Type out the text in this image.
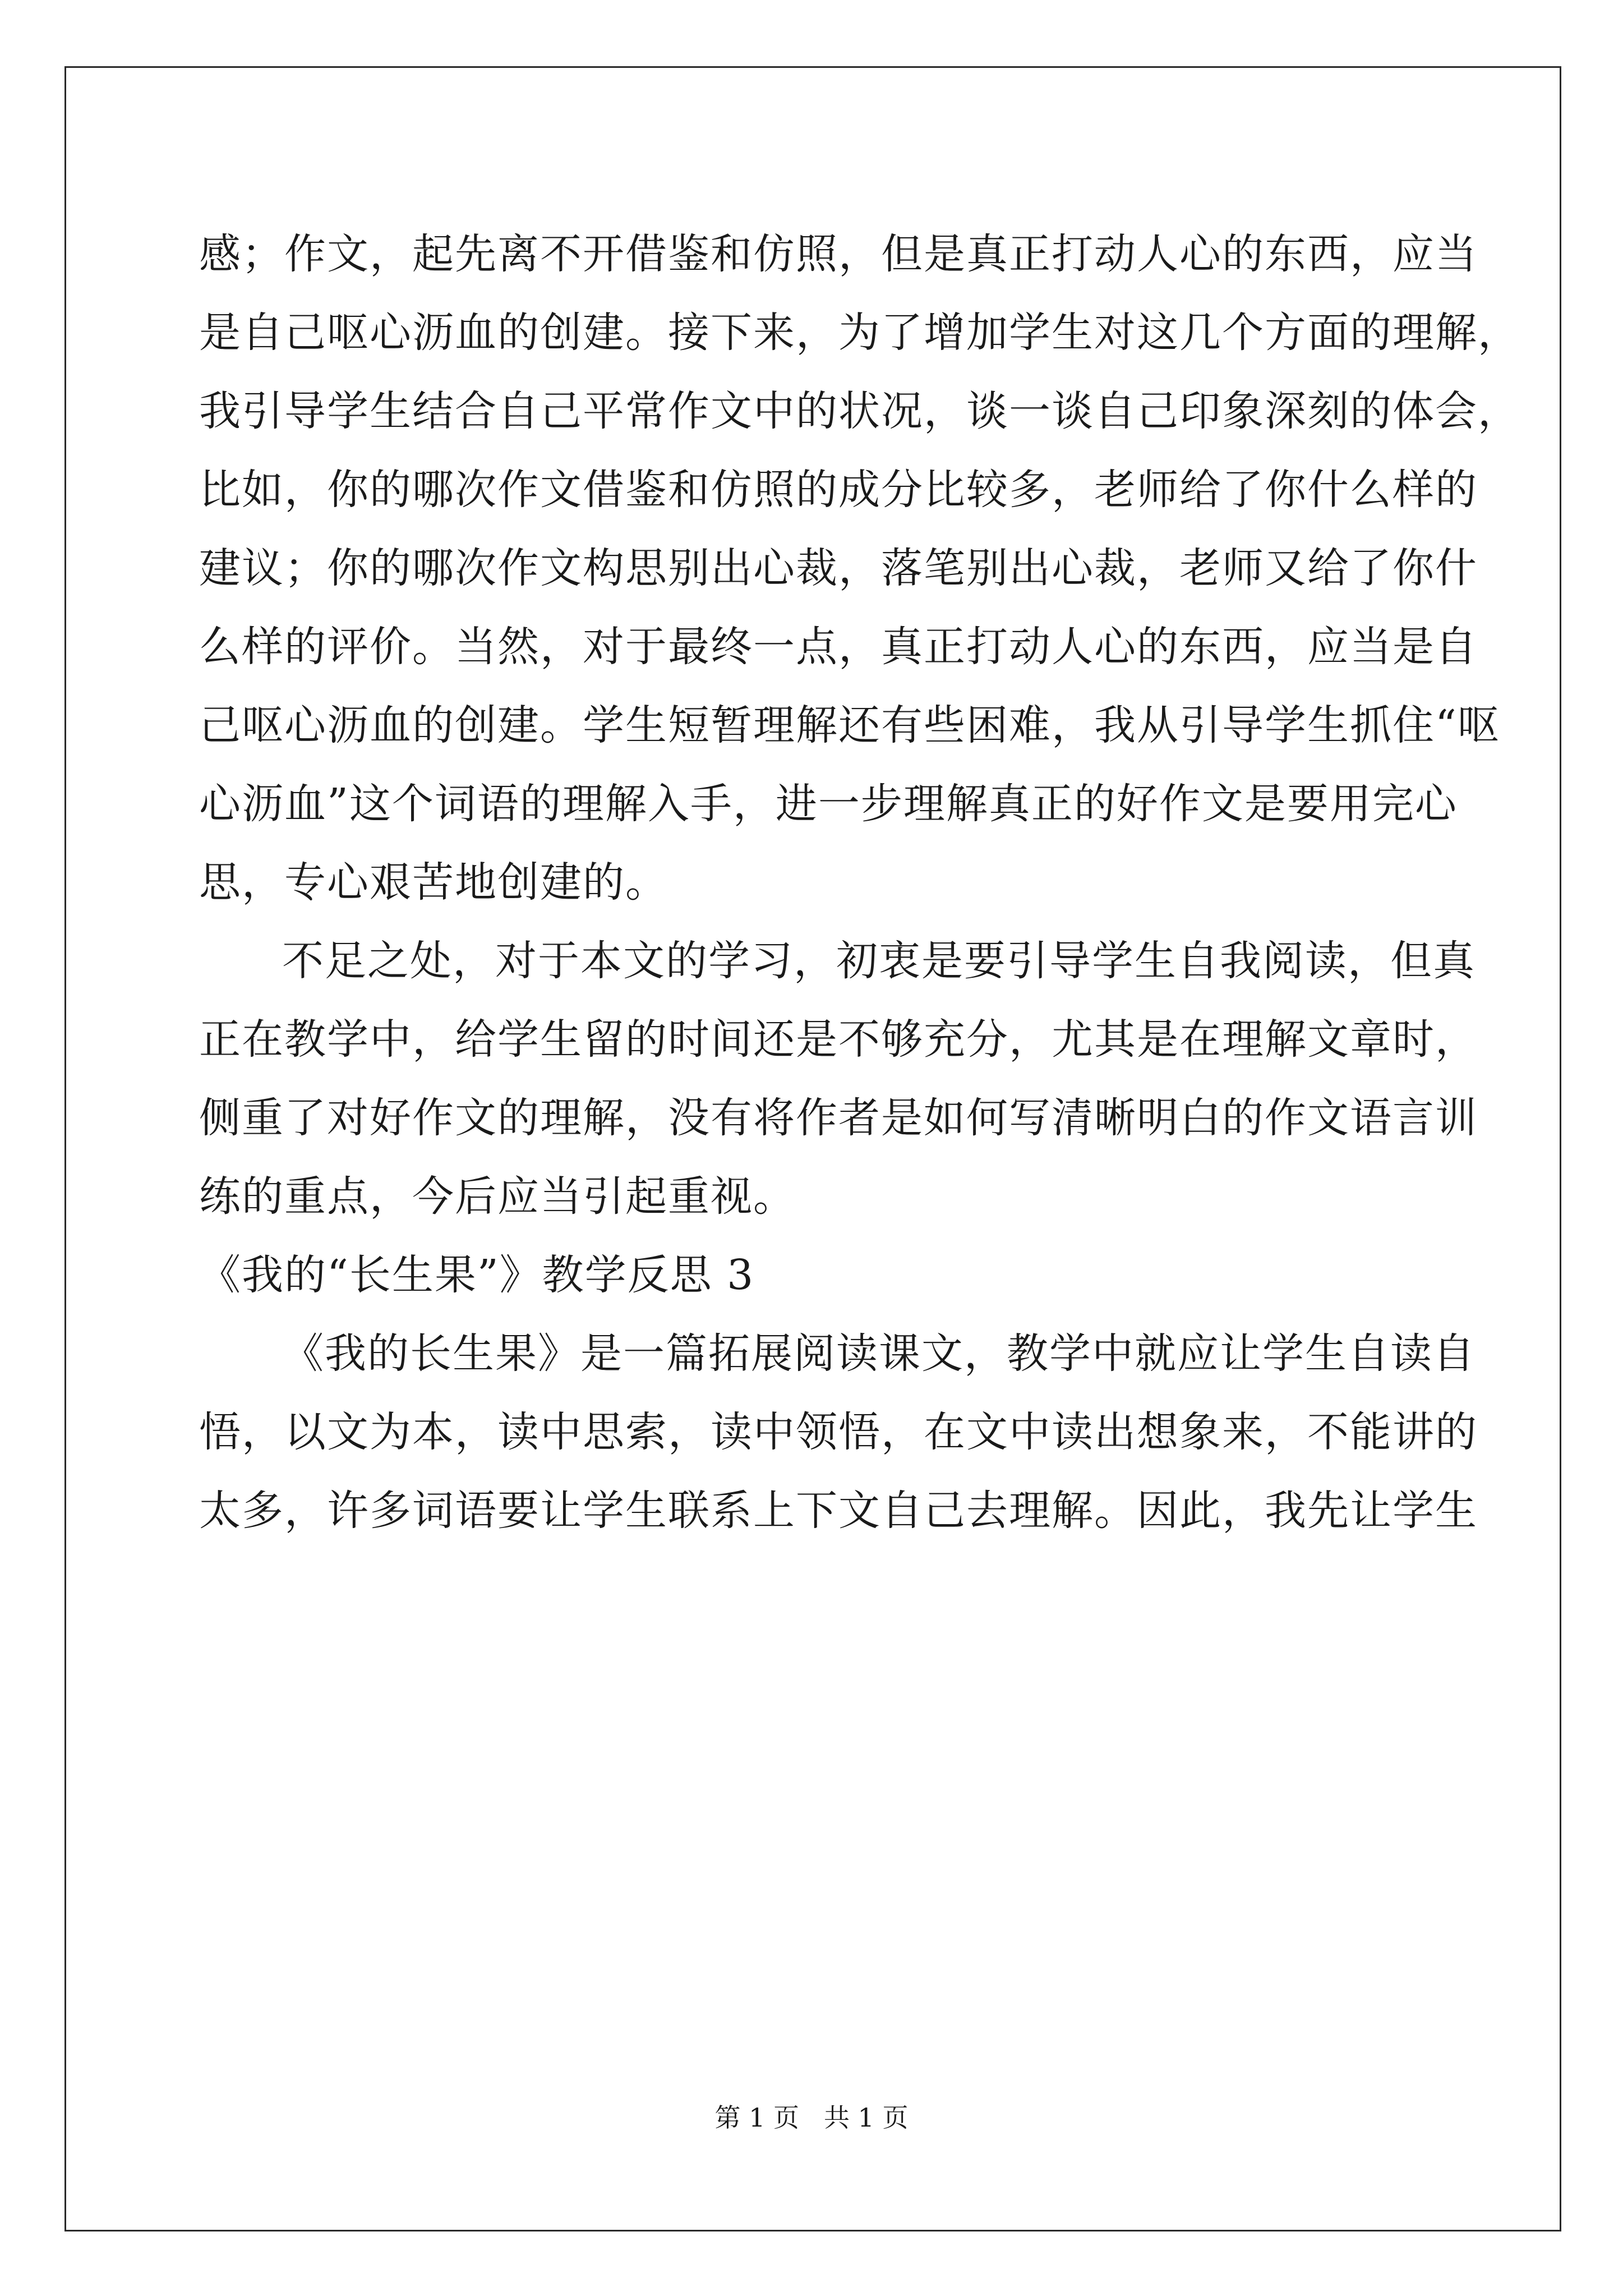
感；作文，起先离不开借鉴和仿照，但是真正打动人心的东西，应当
是自己呕心沥血的创建。接下来，为了增加学生对这几个方面的理解，
我引导学生结合自己平常作文中的状况，谈一谈自己印象深刻的体会，
比如，你的哪次作文借鉴和仿照的成分比较多，老师给了你什么样的
建议；你的哪次作文构思别出心裁，落笔别出心裁，老师又给了你什
么样的评价。当然，对于最终一点，真正打动人心的东西，应当是自
己呕心沥血的创建。学生短暂理解还有些困难，我从引导学生抓住“呕
心沥血”这个词语的理解入手，进一步理解真正的好作文是要用完心
思，专心艰苦地创建的。
不足之处，对于本文的学习，初衷是要引导学生自我阅读，但真
正在教学中，给学生留的时间还是不够充分，尤其是在理解文章时，
侧重了对好作文的理解，没有将作者是如何写清晰明白的作文语言训
练的重点，今后应当引起重视。
《我的“长生果”》教学反思 3
《我的长生果》是一篇拓展阅读课文，教学中就应让学生自读自
悟，以文为本，读中思索，读中领悟，在文中读出想象来，不能讲的
太多，许多词语要让学生联系上下文自己去理解。因此，我先让学生
第 1 页 共 1 页
